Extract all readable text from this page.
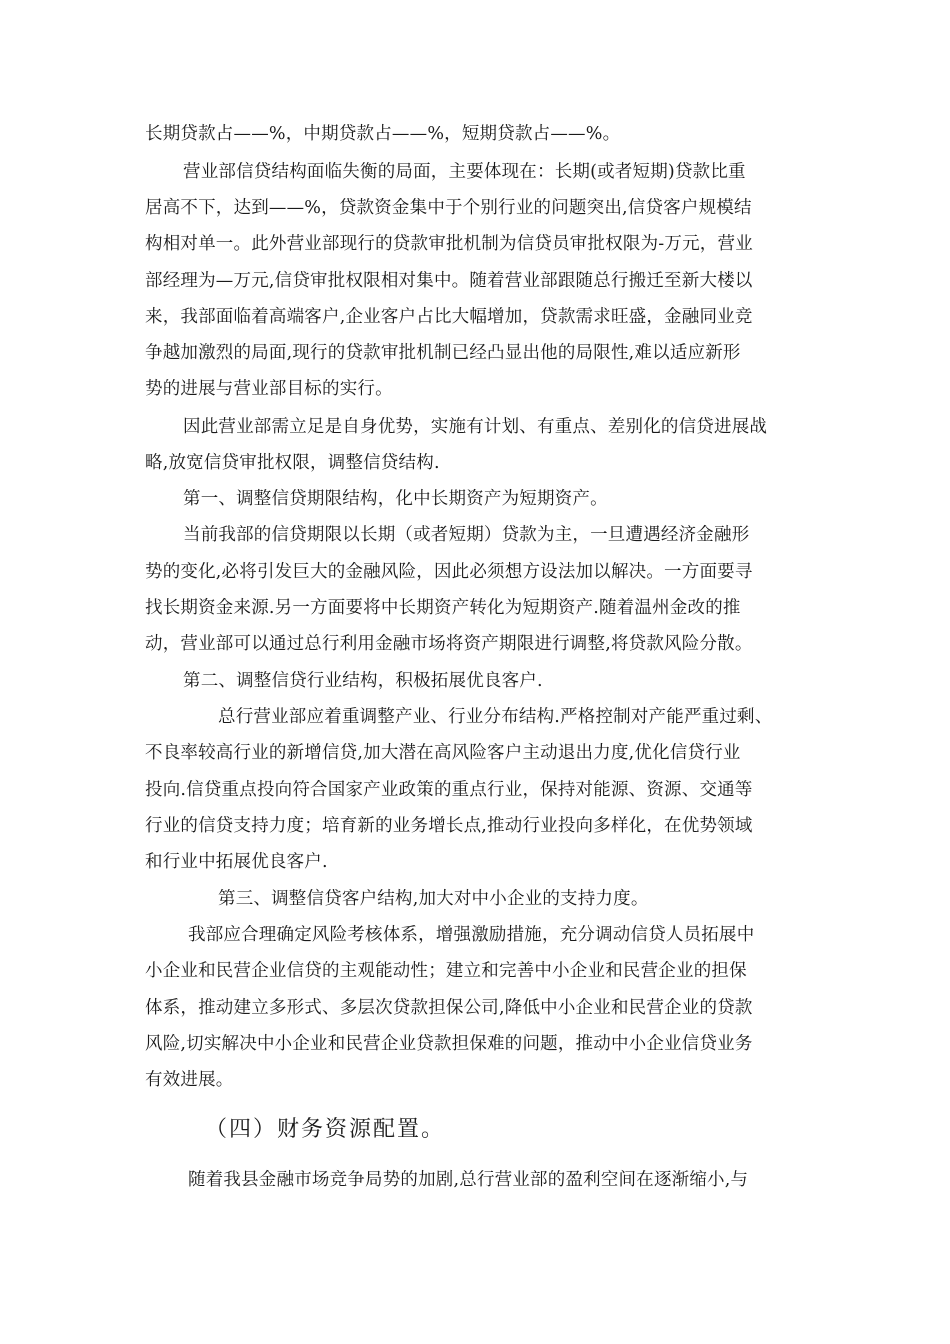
长期贷款占——%，中期贷款占——%，短期贷款占——%。
营业部信贷结构面临失衡的局面，主要体现在：长期(或者短期)贷款比重
居高不下，达到——%，贷款资金集中于个别行业的问题突出,信贷客户规模结
构相对单一。此外营业部现行的贷款审批机制为信贷员审批权限为-万元，营业
部经理为—万元,信贷审批权限相对集中。随着营业部跟随总行搬迁至新大楼以
来，我部面临着高端客户,企业客户占比大幅增加，贷款需求旺盛，金融同业竞
争越加激烈的局面,现行的贷款审批机制已经凸显出他的局限性,难以适应新形
势的进展与营业部目标的实行。
因此营业部需立足是自身优势，实施有计划、有重点、差别化的信贷进展战
略,放宽信贷审批权限，调整信贷结构.
第一、调整信贷期限结构，化中长期资产为短期资产。
当前我部的信贷期限以长期（或者短期）贷款为主，一旦遭遇经济金融形
势的变化,必将引发巨大的金融风险，因此必须想方设法加以解决。一方面要寻
找长期资金来源.另一方面要将中长期资产转化为短期资产.随着温州金改的推
动，营业部可以通过总行利用金融市场将资产期限进行调整,将贷款风险分散。
第二、调整信贷行业结构，积极拓展优良客户.
总行营业部应着重调整产业、行业分布结构.严格控制对产能严重过剩、
不良率较高行业的新增信贷,加大潜在高风险客户主动退出力度,优化信贷行业
投向.信贷重点投向符合国家产业政策的重点行业，保持对能源、资源、交通等
行业的信贷支持力度；培育新的业务增长点,推动行业投向多样化，在优势领域
和行业中拓展优良客户.
第三、调整信贷客户结构,加大对中小企业的支持力度。
我部应合理确定风险考核体系，增强激励措施，充分调动信贷人员拓展中
小企业和民营企业信贷的主观能动性；建立和完善中小企业和民营企业的担保
体系，推动建立多形式、多层次贷款担保公司,降低中小企业和民营企业的贷款
风险,切实解决中小企业和民营企业贷款担保难的问题，推动中小企业信贷业务
有效进展。
（四）财务资源配置。
随着我县金融市场竞争局势的加剧,总行营业部的盈利空间在逐渐缩小,与
